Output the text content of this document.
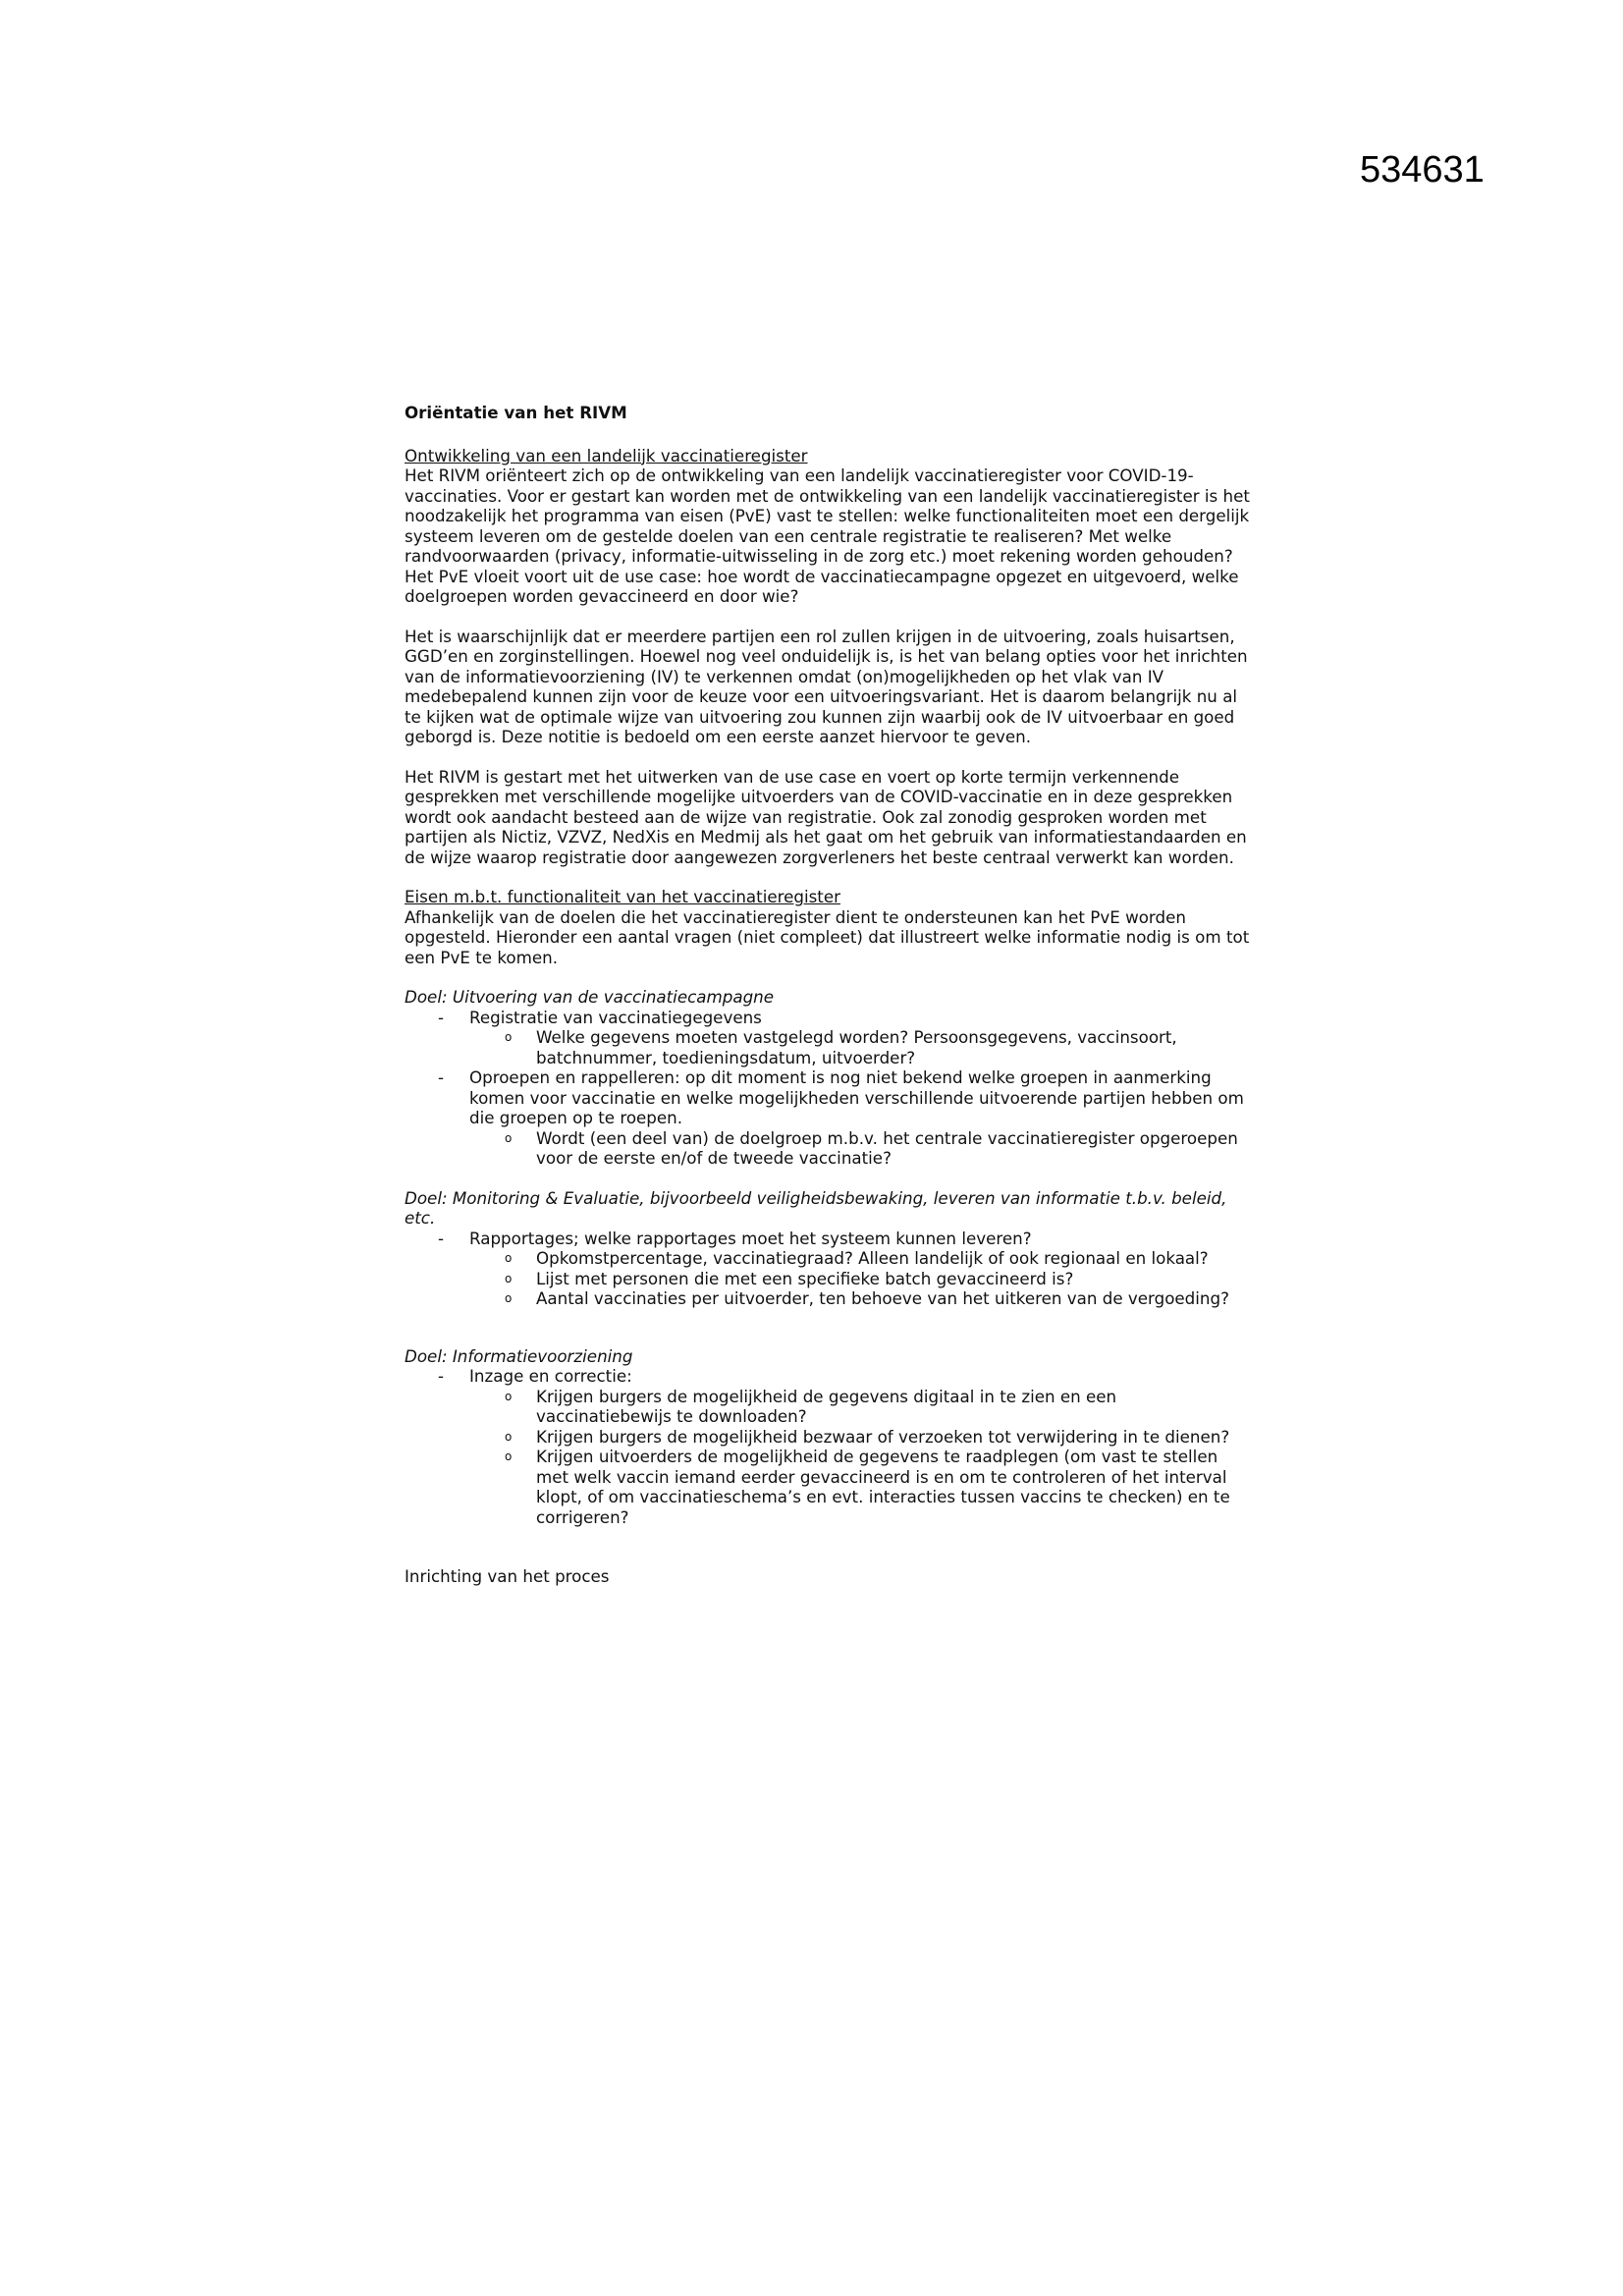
534631

Oriëntatie van het RIVM

Ontwikkeling van een landelijk vaccinatieregister
Het RIVM oriënteert zich op de ontwikkeling van een landelijk vaccinatieregister voor COVID-19-vaccinaties. Voor er gestart kan worden met de ontwikkeling van een landelijk vaccinatieregister is het noodzakelijk het programma van eisen (PvE) vast te stellen: welke functionaliteiten moet een dergelijk systeem leveren om de gestelde doelen van een centrale registratie te realiseren? Met welke randvoorwaarden (privacy, informatie-uitwisseling in de zorg etc.) moet rekening worden gehouden? Het PvE vloeit voort uit de use case: hoe wordt de vaccinatiecampagne opgezet en uitgevoerd, welke doelgroepen worden gevaccineerd en door wie?

Het is waarschijnlijk dat er meerdere partijen een rol zullen krijgen in de uitvoering, zoals huisartsen, GGD’en en zorginstellingen. Hoewel nog veel onduidelijk is, is het van belang opties voor het inrichten van de informatievoorziening (IV) te verkennen omdat (on)mogelijkheden op het vlak van IV medebepalend kunnen zijn voor de keuze voor een uitvoeringsvariant. Het is daarom belangrijk nu al te kijken wat de optimale wijze van uitvoering zou kunnen zijn waarbij ook de IV uitvoerbaar en goed geborgd is. Deze notitie is bedoeld om een eerste aanzet hiervoor te geven.

Het RIVM is gestart met het uitwerken van de use case en voert op korte termijn verkennende gesprekken met verschillende mogelijke uitvoerders van de COVID-vaccinatie en in deze gesprekken wordt ook aandacht besteed aan de wijze van registratie. Ook zal zonodig gesproken worden met partijen als Nictiz, VZVZ, NedXis en Medmij als het gaat om het gebruik van informatiestandaarden en de wijze waarop registratie door aangewezen zorgverleners het beste centraal verwerkt kan worden.

Eisen m.b.t. functionaliteit van het vaccinatieregister
Afhankelijk van de doelen die het vaccinatieregister dient te ondersteunen kan het PvE worden opgesteld. Hieronder een aantal vragen (niet compleet) dat illustreert welke informatie nodig is om tot een PvE te komen.

Doel: Uitvoering van de vaccinatiecampagne

- Registratie van vaccinatiegegevens
o Welke gegevens moeten vastgelegd worden? Persoonsgegevens, vaccinsoort, batchnummer, toedieningsdatum, uitvoerder?
- Oproepen en rappelleren: op dit moment is nog niet bekend welke groepen in aanmerking komen voor vaccinatie en welke mogelijkheden verschillende uitvoerende partijen hebben om die groepen op te roepen.
o Wordt (een deel van) de doelgroep m.b.v. het centrale vaccinatieregister opgeroepen voor de eerste en/of de tweede vaccinatie?

Doel: Monitoring & Evaluatie, bijvoorbeeld veiligheidsbewaking, leveren van informatie t.b.v. beleid, etc.

- Rapportages; welke rapportages moet het systeem kunnen leveren?
o Opkomstpercentage, vaccinatiegraad? Alleen landelijk of ook regionaal en lokaal?
o Lijst met personen die met een specifieke batch gevaccineerd is?
o Aantal vaccinaties per uitvoerder, ten behoeve van het uitkeren van de vergoeding?

Doel: Informatievoorziening

- Inzage en correctie:
o Krijgen burgers de mogelijkheid de gegevens digitaal in te zien en een vaccinatiebewijs te downloaden?
o Krijgen burgers de mogelijkheid bezwaar of verzoeken tot verwijdering in te dienen?
o Krijgen uitvoerders de mogelijkheid de gegevens te raadplegen (om vast te stellen met welk vaccin iemand eerder gevaccineerd is en om te controleren of het interval klopt, of om vaccinatieschema’s en evt. interacties tussen vaccins te checken) en te corrigeren?

Inrichting van het proces
